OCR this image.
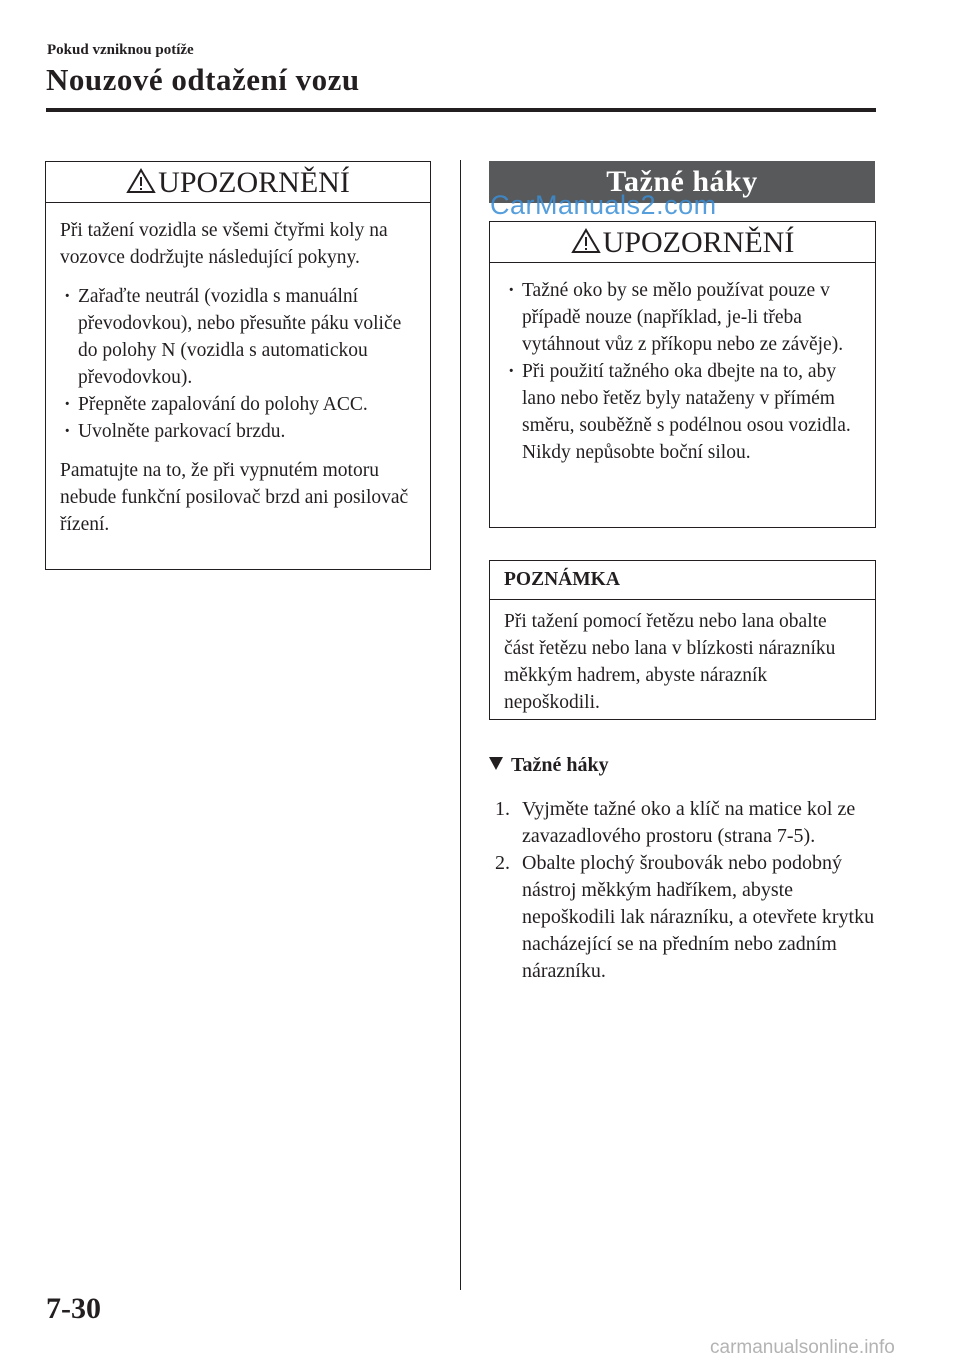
Pokud vzniknou potíže
Nouzové odtažení vozu
UPOZORNĚNÍ

Při tažení vozidla se všemi čtyřmi koly na vozovce dodržujte následující pokyny.

· Zařaďte neutrál (vozidla s manuální převodovkou), nebo přesuňte páku voliče do polohy N (vozidla s automatickou převodovkou).

· Přepněte zapalování do polohy ACC.

· Uvolněte parkovací brzdu.

Pamatujte na to, že při vypnutém motoru nebude funkční posilovač brzd ani posilovač řízení.

Tažné háky
CarManuals2.com
UPOZORNĚNÍ

· Tažné oko by se mělo používat pouze v případě nouze (například, je-li třeba vytáhnout vůz z příkopu nebo ze závěje).

· Při použití tažného oka dbejte na to, aby lano nebo řetěz byly nataženy v přímém směru, souběžně s podélnou osou vozidla. Nikdy nepůsobte boční silou.

POZNÁMKA

Při tažení pomocí řetězu nebo lana obalte část řetězu nebo lana v blízkosti nárazníku měkkým hadrem, abyste nárazník nepoškodili.

Tažné háky
1. Vyjměte tažné oko a klíč na matice kol ze zavazadlového prostoru (strana 7-5).
2. Obalte plochý šroubovák nebo podobný nástroj měkkým hadříkem, abyste nepoškodili lak nárazníku, a otevřete krytku nacházející se na předním nebo zadním nárazníku.
7-30
carmanualsonline.info
